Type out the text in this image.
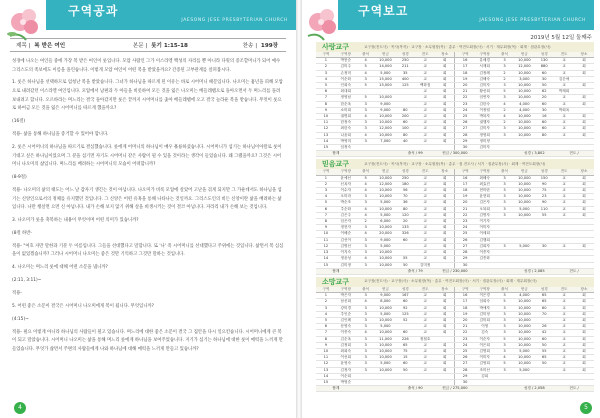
구역공과
JAESONG JESE PRESBYTERIAN CHURCH
제목 | 복 받은 여인	본문 | 룻기 1:15-18	찬송 | 199장

성경에 나오는 여인들 중에 가장 복 받은 여인이 룻입니다. 모압 사람인 그가 이스라엘 백성의 자리를 뿐 아니라 다윗의 증조할머니가 되어 예수 그리스도의 족보에도 이름을 올린습니다. 이렇게 모압 여인이 어떤 복을 받았을까요? 간증된 고부관계를 살펴봅시다.

1. 룻은 하나님을 선택하므로 엄청난 복을 받았습니다. 그녀가 하나님을 따르게 된 이유는 바로 시어머니 때문입니다. 나오미는 흉년을 피해 모압으로 내려갔던 이스라엘 여인입니다. 모압에서 남편과 두 아들을 비롯하여 모든 것을 잃은 나오미는 베들레헴으로 돌아오면서 두 며느리를 돌려보내려고 합니다. 오르바라는 며느리는 결국 돌아갔지만 룻은 끝까지 시어머니를 좇아 베들레헴에 오고 결국 놀라운 복을 받습니다. 무엇이 룻으로 하여금 모든 것을 잃은 시어머니를 따르게 했을까요?

(16절)

적용- 삶을 통해 하나님을 증거할 수 있어야 합니다.

2. 룻은 시어머니의 하나님을 따르기로 결심했습니다. 룻에게 어머니의 하나님이 매우 훌륭하셨습니다. 시어머니가 섬기는 하나님이야말로 룻이 기대고 싶은 하나님이었으며 그 분을 섬기면 자기도 시어머니 같은 사람이 될 수 있을 것이라는 생각이 들었습니다. 왜 그랬을까요? 그것은 시어머니 나오미의 삶입니다. 며느리를 배려하는 시어머니의 모습이 어떠합니까?

(8-9절)

적용- 나오미의 삶의 태도는 어느 날 갑자기 생긴는 것이 아닙니다. 나오미가 비록 모압에 살았어 고난을 겪게 되지만 그 가운데서도 하나님을 섬기는 신앙인으로서의 정체를 유지했던 것입니다. 그 신앙은 어떤 유혹을 통해 나타나는 것일까요. 그리스도인의 비든 신앙이란 삶을 배려하는 삶입니다. 나만 챙살면 으면 신 아닙니다. 내가 손해 보지 않기 위해 살을 희생시키는 것이 결코 아닙니다. 자라리 내가 손해 보는 것입니다.

3. 나오미가 룻을 축복하는 내용이 무엇이며 어떤 의미가 있습니까?

(8절 하반-

적용- "여호 자만 말한과 기분 두 이름입니다. 그들을 선대했다고 말합니다. 또 '나' 즉 시어머니를 선대했다고 주위에는 것입니다. 삶면서 복 심심을이 없었겠습니까? 그러나 시어머니 나오미는 좋은 것만 기억하고 그것만 말하는 것입니다.

4. 나오미는 며느리 룻에 대해 어떤 소문을 냅니까?

(2:11, 3:11)~

적용-

5. 어떤 좋은 소문이 결국은 시어머니 나오미에게 복이 됩니다. 무엇입니까?

(4:15)~

적용- 필요 이렇게 아니라 하나님의 사람들이 될고 있습니다. 며느리에 대한 좋은 소문이 결국 그 집안을 다시 일으킨습니다. 시어머니에게 큰 복이 되고 말았습니다. 시어머니 나오미는 삶을 통해 며느리 룻에게 하나님을 보여주었습니다. 지기가 섬기는 하나님에 대한 룻이 매력을 느끼게 만들었습니다. 무엇가 삶면서 주변의 사람들에게 나와 하나님에 대해 매력을 느끼게 만들고 있습니까?

4
구역보고
JAESONG JESE PRESBYTERIAN CHURCH
2019년 5월 12일 둘째주
사랑교구	교구장(전도사) · 목사(목자) · 교구장 · 소무원장(목) · 총무 · 여전도회장(사) · 서기 · 재무회장(목) · 회계 · 집관무장(사)
구역	구역장	출석	헌금	성경	전도	장소	구역	구역장	출석	헌금	성경	전도	장소
1	박봉순	4	10,000	250	교	회	16	유매경	3	10,000	130	교	회
2	김미주	5	14,000	211	교	회	17	서재희	3	12,000	880	교	회
3	손정미	4	5,000	35	교	회	18	김정례	2	10,000	60	교	회
4	이순화	3	15,000	400	교	회	19	김혜숙	2	3,000	30	김순애	
5	인희숙	5	15,000	125	백화점	회	20	김미자	3	10,000	50	교	회
6	최대희				교	회	21	황선희	5	10,000	62	박재희	
7	정영남	5	10,000		교	회	22	임연자	3	10,000	20	교	회
8	한순옥	3	9,000		교	회	23	김한숙	4	4,000	60	교	회
9	소미희	3	9,000	80	교	회	24	이정렬	2	4,000	30	박희옥	
10	권명희	4	10,000	200	교	회	25	박복자	4	10,000	16	교	회
11	한정숙	3	10,000	60	교	회	26	권행자	2	10,000	60	교	회
12	최한숙	3	12,000	100	교	회	27	김미자	3	10,000	60	교	회
13	나윤희	4	10,000	80	교	회	28	정영희	3	10,000	80	교	회
14	박영미	3	7,000	40	교	회	29	정미정					
15	임정숙						30	김미자					
합계				출석 / 99		헌금 / 300,000				성경 / 3,802		전도 /	
믿음교구	교구장(전도사) · 목사(목자) · 교구장 · 소무원장(목) · 총무 · 집 전도사 / 서기 · 집관무장(사) · 회계 · 여전도회장(사)
구역	구역장	출석	헌금	성경	전도	장소	구역	구역장	출석	헌금	성경	전도	장소
1	윤예선	5	10,000	250	교	회	16	최혜숙	3	10,000	150	교	회
2	신옥자	4	12,000	180	교	회	17	최효진	3	10,000	90	교	회
3	이수자	4	10,000	56	교	회	18	현미란	3	10,000	75	교	회
4	오미라	3	10,000	70	교	회	19	윤현희	3	10,000	23	교	회
5	박순조	3	5,000	36	교	회	20	김은자	3	10,000	90	교	회
6	추순화	4	10,000	80	교	회	21	오복희	3	5,000	110	교	회
7	김은주	4	5,000	120	교	회	22	김명자	3	10,000	55	교	회
8	임은자	2	6,000	20	교	회	23	이기자					
9	정현자	3	10,000	133	교	회	24	이미자					
10	이혜순	4	20,000	326	교	회	25	이세희					
11	김선이	3	9,000	60	교	회	26	김행희					
12	김명선	3	5,000		교	회	27	김희자	3	5,000	30	교	회
13	이지숙	3	10,000		교	회	28	이종자					
14	정윤성	4	10,000	55	교	회	29	김종화					
15	김미정	3	10,000	50	김미정		30						
합계				출석 / 79		헌금 / 230,000				성경 / 2,085		전도 /	
소망교구	교구장(전도사) · 교구장(사) · 소무원장(목) · 총무 · 여전도회장(사) · 서기 · 집관무장(사) · 회계 · 재무회장(사)
구역	구역장	출석	헌금	성경	전도	장소	구역	구역장	출석	헌금	성경	전도	장소
1	박은자	3	9,000	167	교	회	16	이은경	3	4,000	65	교	회
2	남신희	4	8,000	60	교	회	17	임희숙	5	10,000	65	교	회
3	강미경	3	10,000	92	교	회	18	박애자	3	10,000	60	교	회
4	추인순	3	5,000	125	교	회	19	김미정	3	10,000	70	교	회
5	김인례	3	10,000	52	교	회	20	김미희	3	10,000		교	회
6	문영숙	3	5,000		교	회	21	이영	3	10,000	26	교	회
7	이종숙	4	10,000	60	교	회	22	김숙	3	10,000	42	교	회
8	김순옥	3	11,000	226	정철호		23	이순자	5	10,000	60	교	회
9	김정희	3	10,000	65	교	회	24	이은희	3	10,000	50	교	회
10	최희숙	3	10,000	75	교	회	25	김명희	3	5,000	55	교	회
11	이선희	3	10,000	15	교	회	26	이미자	4	10,000	65	교	회
12	윤영숙	3	5,000	60	교	회	27	김영희	5	10,000	50	교	회
13	김정자	3	10,000	50	교	회	28	조미선	3	5,000		교	회
14	이순희						29	김희					
15	박영순						30						
합계				출석 / 90		헌금 / 275,000				성경 / 2,058		전도 /	
5
